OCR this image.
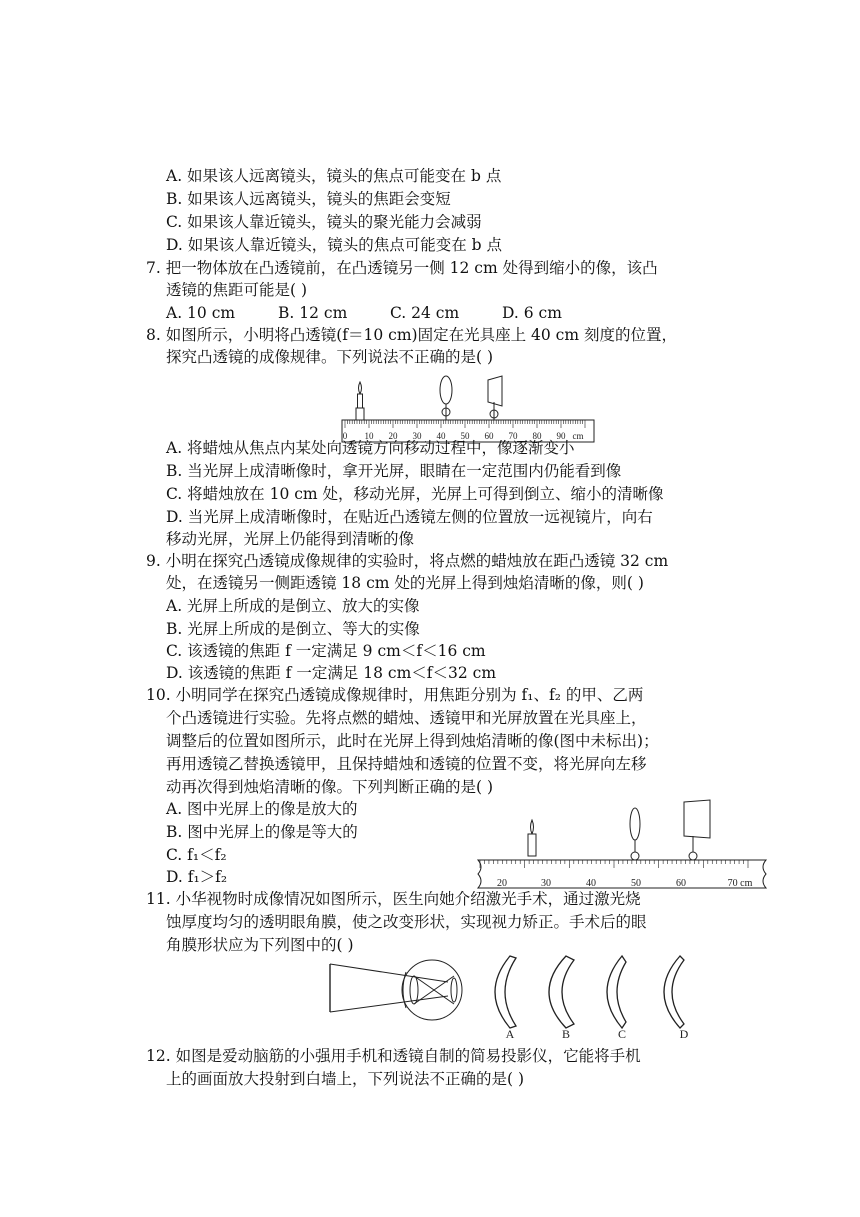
A. 如果该人远离镜头，镜头的焦点可能变在 b 点
B. 如果该人远离镜头，镜头的焦距会变短
C. 如果该人靠近镜头，镜头的聚光能力会减弱
D. 如果该人靠近镜头，镜头的焦点可能变在 b 点
7. 把一物体放在凸透镜前，在凸透镜另一侧 12 cm 处得到缩小的像，该凸
透镜的焦距可能是( )
A. 10 cm	B. 12 cm	C. 24 cm	D. 6 cm
8. 如图所示，小明将凸透镜(f＝10 cm)固定在光具座上 40 cm 刻度的位置，
探究凸透镜的成像规律。下列说法不正确的是( )
0 10 20 30 40 50 60 70 80 90 cm
A. 将蜡烛从焦点内某处向透镜方向移动过程中，像逐渐变小
B. 当光屏上成清晰像时，拿开光屏，眼睛在一定范围内仍能看到像
C. 将蜡烛放在 10 cm 处，移动光屏，光屏上可得到倒立、缩小的清晰像
D. 当光屏上成清晰像时，在贴近凸透镜左侧的位置放一远视镜片，向右
移动光屏，光屏上仍能得到清晰的像
9. 小明在探究凸透镜成像规律的实验时，将点燃的蜡烛放在距凸透镜 32 cm
处，在透镜另一侧距透镜 18 cm 处的光屏上得到烛焰清晰的像，则( )
A. 光屏上所成的是倒立、放大的实像
B. 光屏上所成的是倒立、等大的实像
C. 该透镜的焦距 f 一定满足 9 cm＜f＜16 cm
D. 该透镜的焦距 f 一定满足 18 cm＜f＜32 cm
10. 小明同学在探究凸透镜成像规律时，用焦距分别为 f₁、f₂ 的甲、乙两
个凸透镜进行实验。先将点燃的蜡烛、透镜甲和光屏放置在光具座上，
调整后的位置如图所示，此时在光屏上得到烛焰清晰的像(图中未标出)；
再用透镜乙替换透镜甲，且保持蜡烛和透镜的位置不变，将光屏向左移
动再次得到烛焰清晰的像。下列判断正确的是( )
A. 图中光屏上的像是放大的
B. 图中光屏上的像是等大的
C. f₁＜f₂
D. f₁＞f₂	20	30	40	50	60	70 cm
11. 小华视物时成像情况如图所示，医生向她介绍激光手术，通过激光烧
蚀厚度均匀的透明眼角膜，使之改变形状，实现视力矫正。手术后的眼
角膜形状应为下列图中的( )
A	B	C	D
12. 如图是爱动脑筋的小强用手机和透镜自制的简易投影仪，它能将手机
上的画面放大投射到白墙上，下列说法不正确的是( )
